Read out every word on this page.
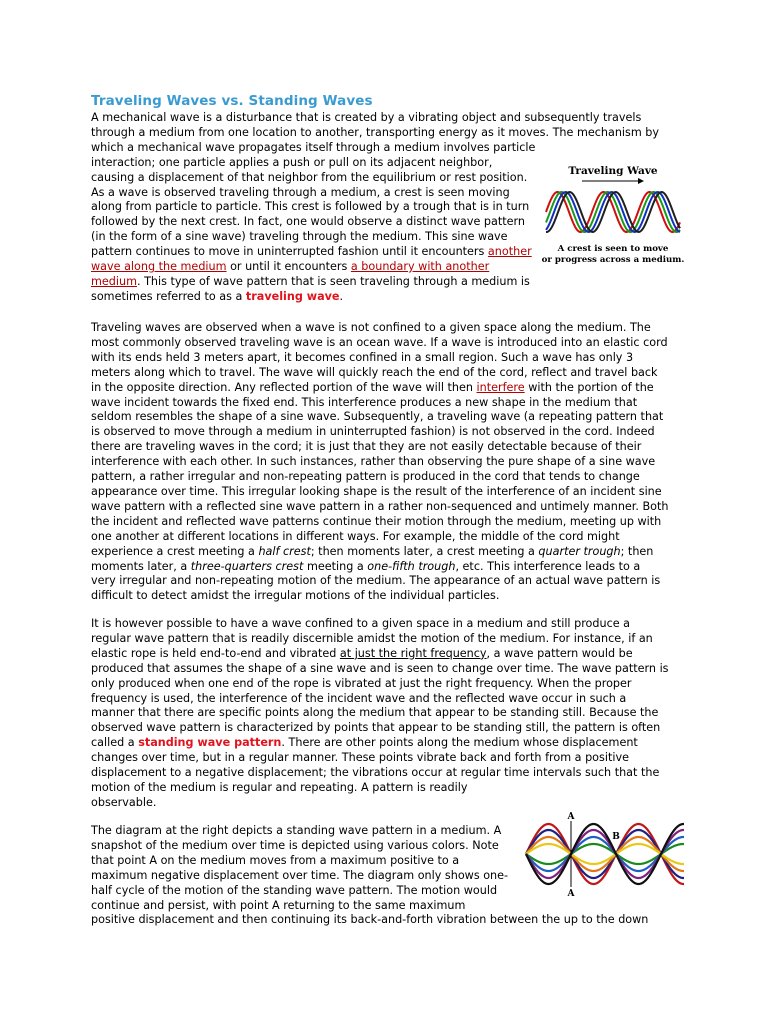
Traveling Waves vs. Standing Waves
A mechanical wave is a disturbance that is created by a vibrating object and subsequently travels
through a medium from one location to another, transporting energy as it moves. The mechanism by
which a mechanical wave propagates itself through a medium involves particle
interaction; one particle applies a push or pull on its adjacent neighbor,
causing a displacement of that neighbor from the equilibrium or rest position.
As a wave is observed traveling through a medium, a crest is seen moving
along from particle to particle. This crest is followed by a trough that is in turn
followed by the next crest. In fact, one would observe a distinct wave pattern
(in the form of a sine wave) traveling through the medium. This sine wave
pattern continues to move in uninterrupted fashion until it encounters another
wave along the medium or until it encounters a boundary with another
medium. This type of wave pattern that is seen traveling through a medium is
sometimes referred to as a traveling wave.
Traveling Wave
A crest is seen to move
or progress across a medium.
Traveling waves are observed when a wave is not confined to a given space along the medium. The
most commonly observed traveling wave is an ocean wave. If a wave is introduced into an elastic cord
with its ends held 3 meters apart, it becomes confined in a small region. Such a wave has only 3
meters along which to travel. The wave will quickly reach the end of the cord, reflect and travel back
in the opposite direction. Any reflected portion of the wave will then interfere with the portion of the
wave incident towards the fixed end. This interference produces a new shape in the medium that
seldom resembles the shape of a sine wave. Subsequently, a traveling wave (a repeating pattern that
is observed to move through a medium in uninterrupted fashion) is not observed in the cord. Indeed
there are traveling waves in the cord; it is just that they are not easily detectable because of their
interference with each other. In such instances, rather than observing the pure shape of a sine wave
pattern, a rather irregular and non-repeating pattern is produced in the cord that tends to change
appearance over time. This irregular looking shape is the result of the interference of an incident sine
wave pattern with a reflected sine wave pattern in a rather non-sequenced and untimely manner. Both
the incident and reflected wave patterns continue their motion through the medium, meeting up with
one another at different locations in different ways. For example, the middle of the cord might
experience a crest meeting a half crest; then moments later, a crest meeting a quarter trough; then
moments later, a three-quarters crest meeting a one-fifth trough, etc. This interference leads to a
very irregular and non-repeating motion of the medium. The appearance of an actual wave pattern is
difficult to detect amidst the irregular motions of the individual particles.
It is however possible to have a wave confined to a given space in a medium and still produce a
regular wave pattern that is readily discernible amidst the motion of the medium. For instance, if an
elastic rope is held end-to-end and vibrated at just the right frequency, a wave pattern would be
produced that assumes the shape of a sine wave and is seen to change over time. The wave pattern is
only produced when one end of the rope is vibrated at just the right frequency. When the proper
frequency is used, the interference of the incident wave and the reflected wave occur in such a
manner that there are specific points along the medium that appear to be standing still. Because the
observed wave pattern is characterized by points that appear to be standing still, the pattern is often
called a standing wave pattern. There are other points along the medium whose displacement
changes over time, but in a regular manner. These points vibrate back and forth from a positive
displacement to a negative displacement; the vibrations occur at regular time intervals such that the
motion of the medium is regular and repeating. A pattern is readily
observable.
The diagram at the right depicts a standing wave pattern in a medium. A
snapshot of the medium over time is depicted using various colors. Note
that point A on the medium moves from a maximum positive to a
maximum negative displacement over time. The diagram only shows one-
half cycle of the motion of the standing wave pattern. The motion would
continue and persist, with point A returning to the same maximum
positive displacement and then continuing its back-and-forth vibration between the up to the down
A
A
B
